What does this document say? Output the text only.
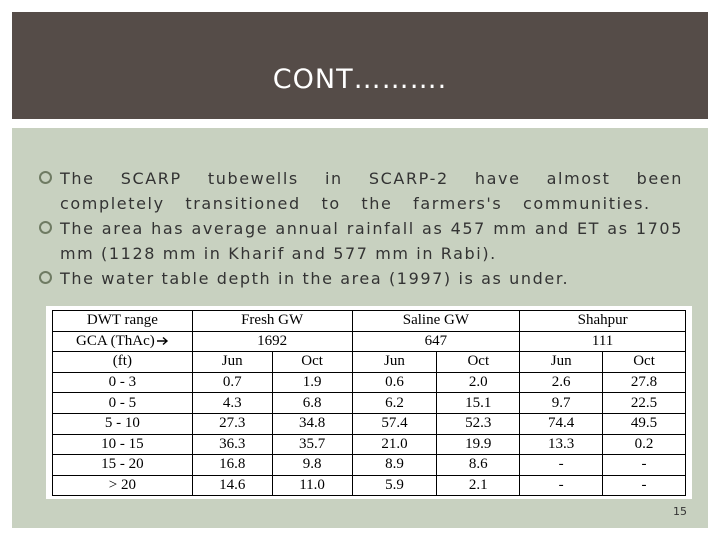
CONT……….
The SCARP tubewells in SCARP-2 have almost been completely transitioned to the farmers's communities.
The area has average annual rainfall as 457 mm and ET as 1705 mm (1128 mm in Kharif and 577 mm in Rabi).
The water table depth in the area (1997) is as under.
DWT range	Fresh GW		Saline GW		Shahpur	
GCA (ThAc)	1692		647		111	
(ft)	Jun	Oct	Jun	Oct	Jun	Oct
0 - 3	0.7	1.9	0.6	2.0	2.6	27.8
0 - 5	4.3	6.8	6.2	15.1	9.7	22.5
5 - 10	27.3	34.8	57.4	52.3	74.4	49.5
10 - 15	36.3	35.7	21.0	19.9	13.3	0.2
15 - 20	16.8	9.8	8.9	8.6	-	-
> 20	14.6	11.0	5.9	2.1	-	-
15
